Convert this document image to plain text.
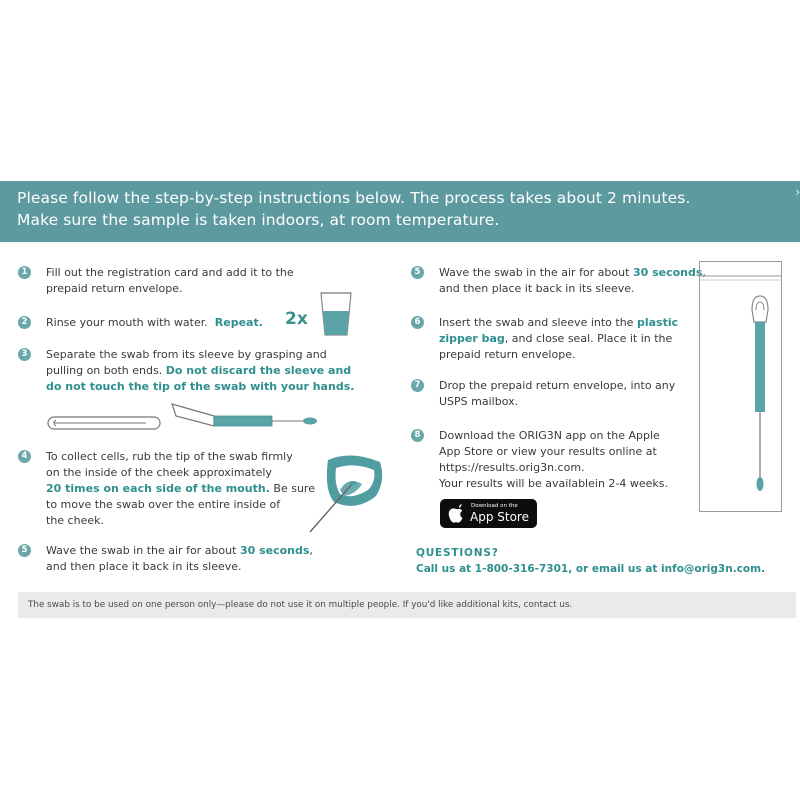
Please follow the step-by-step instructions below. The process takes about 2 minutes.
Make sure the sample is taken indoors, at room temperature.
›
1	Fill out the registration card and add it to the

prepaid return envelope.

2	Rinse your mouth with water. Repeat. 2x
3	Separate the swab from its sleeve by grasping and

pulling on both ends. Do not discard the sleeve and

do not touch the tip of the swab with your hands.

4	To collect cells, rub the tip of the swab firmly

on the inside of the cheek approximately

20 times on each side of the mouth. Be sure

to move the swab over the entire inside of

the cheek.

5	Wave the swab in the air for about 30 seconds,

and then place it back in its sleeve.

5	Wave the swab in the air for about 30 seconds,

and then place it back in its sleeve.

6	Insert the swab and sleeve into the plastic

zipper bag, and close seal. Place it in the

prepaid return envelope.

7	Drop the prepaid return envelope, into any

USPS mailbox.

8	Download the ORIG3N app on the Apple

App Store or view your results online at

https://results.orig3n.com.

Your results will be availablein 2-4 weeks.

Download on the
App Store
QUESTIONS?
Call us at 1-800-316-7301, or email us at info@orig3n.com.
The swab is to be used on one person only—please do not use it on multiple people. If you'd like additional kits, contact us.
